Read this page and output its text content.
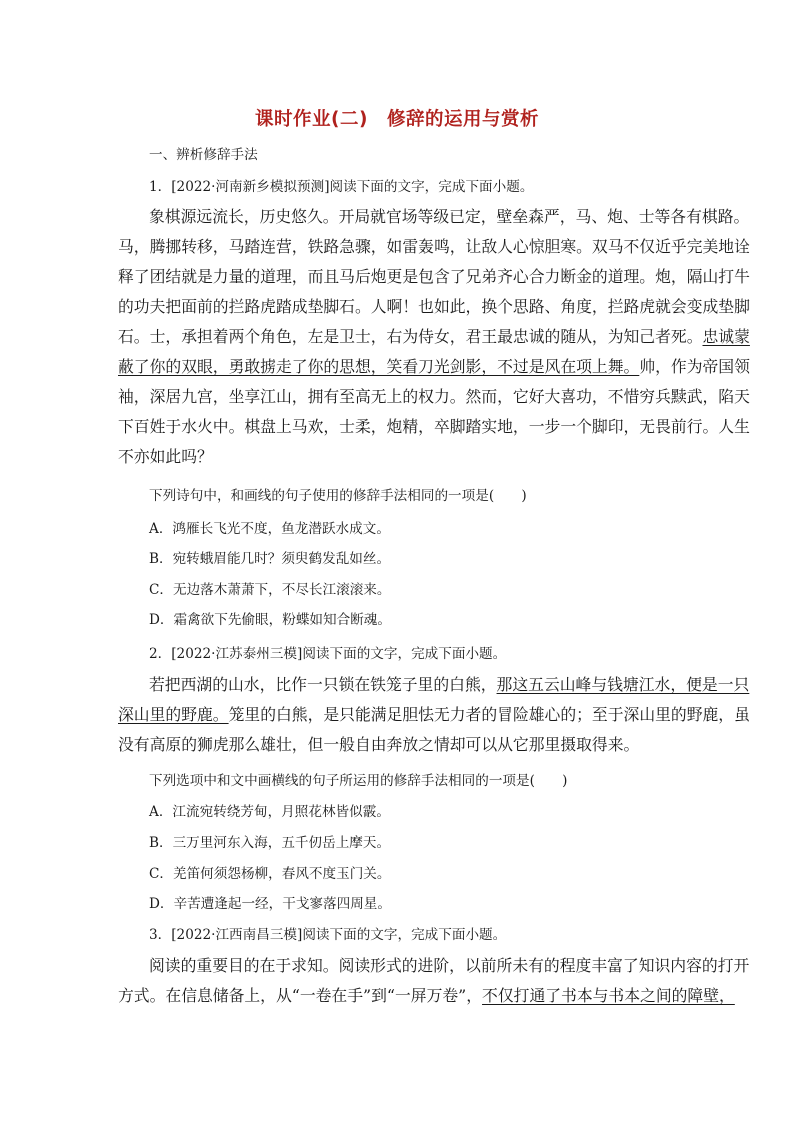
课时作业(二)　修辞的运用与赏析
一、辨析修辞手法
1．[2022·河南新乡模拟预测]阅读下面的文字，完成下面小题。
象棋源远流长，历史悠久。开局就官场等级已定，壁垒森严，马、炮、士等各有棋路。
马，腾挪转移，马踏连营，铁路急骤，如雷轰鸣，让敌人心惊胆寒。双马不仅近乎完美地诠
释了团结就是力量的道理，而且马后炮更是包含了兄弟齐心合力断金的道理。炮，隔山打牛
的功夫把面前的拦路虎踏成垫脚石。人啊！也如此，换个思路、角度，拦路虎就会变成垫脚
石。士，承担着两个角色，左是卫士，右为侍女，君王最忠诚的随从，为知己者死。忠诚蒙
蔽了你的双眼，勇敢掳走了你的思想，笑看刀光剑影，不过是风在项上舞。帅，作为帝国领
袖，深居九宫，坐享江山，拥有至高无上的权力。然而，它好大喜功，不惜穷兵黩武，陷天
下百姓于水火中。棋盘上马欢，士柔，炮精，卒脚踏实地，一步一个脚印，无畏前行。人生
不亦如此吗？
下列诗句中，和画线的句子使用的修辞手法相同的一项是(　　)
A．鸿雁长飞光不度，鱼龙潜跃水成文。
B．宛转蛾眉能几时？须臾鹤发乱如丝。
C．无边落木萧萧下，不尽长江滚滚来。
D．霜禽欲下先偷眼，粉蝶如知合断魂。
2．[2022·江苏泰州三模]阅读下面的文字，完成下面小题。
若把西湖的山水，比作一只锁在铁笼子里的白熊，那这五云山峰与钱塘江水，便是一只
深山里的野鹿。笼里的白熊，是只能满足胆怯无力者的冒险雄心的；至于深山里的野鹿，虽
没有高原的狮虎那么雄壮，但一般自由奔放之情却可以从它那里摄取得来。
下列选项中和文中画横线的句子所运用的修辞手法相同的一项是(　　)
A．江流宛转绕芳甸，月照花林皆似霰。
B．三万里河东入海，五千仞岳上摩天。
C．羌笛何须怨杨柳，春风不度玉门关。
D．辛苦遭逢起一经，干戈寥落四周星。
3．[2022·江西南昌三模]阅读下面的文字，完成下面小题。
阅读的重要目的在于求知。阅读形式的进阶，以前所未有的程度丰富了知识内容的打开
方式。在信息储备上，从“一卷在手”到“一屏万卷”，不仅打通了书本与书本之间的障壁，
